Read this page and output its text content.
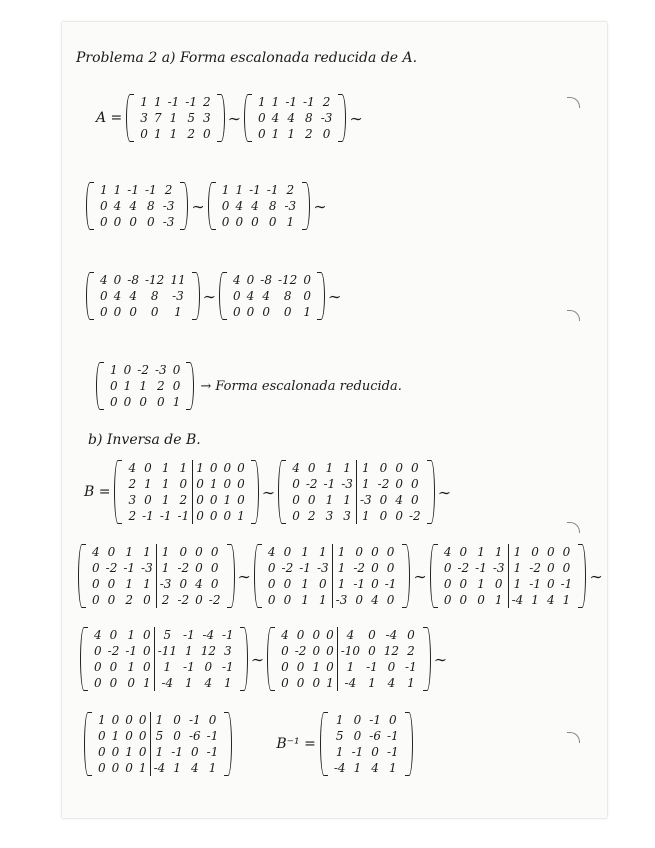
Problema 2 a) Forma escalonada reducida de A.
A =
1	1	-1	-1	2
3	7	1	5	3
0	1	1	2	0
∼
1	1	-1	-1	2
0	4	4	8	-3
0	1	1	2	0
∼
1	1	-1	-1	2
0	4	4	8	-3
0	0	0	0	-3
∼
1	1	-1	-1	2
0	4	4	8	-3
0	0	0	0	1
∼
4	0	-8	-12	11
0	4	4	8	-3
0	0	0	0	1
∼
4	0	-8	-12	0
0	4	4	8	0
0	0	0	0	1
∼
1	0	-2	-3	0
0	1	1	2	0
0	0	0	0	1
→ Forma escalonada reducida.
b) Inversa de B.
B =
4	0	1	1	1	0	0	0
2	1	1	0	0	1	0	0
3	0	1	2	0	0	1	0
2	-1	-1	-1	0	0	0	1
∼
4	0	1	1	1	0	0	0
0	-2	-1	-3	1	-2	0	0
0	0	1	1	-3	0	4	0
0	2	3	3	1	0	0	-2
∼
4	0	1	1	1	0	0	0
0	-2	-1	-3	1	-2	0	0
0	0	1	1	-3	0	4	0
0	0	2	0	2	-2	0	-2
∼
4	0	1	1	1	0	0	0
0	-2	-1	-3	1	-2	0	0
0	0	1	0	1	-1	0	-1
0	0	1	1	-3	0	4	0
∼
4	0	1	1	1	0	0	0
0	-2	-1	-3	1	-2	0	0
0	0	1	0	1	-1	0	-1
0	0	0	1	-4	1	4	1
∼
4	0	1	0	5	-1	-4	-1
0	-2	-1	0	-11	1	12	3
0	0	1	0	1	-1	0	-1
0	0	0	1	-4	1	4	1
∼
4	0	0	0	4	0	-4	0
0	-2	0	0	-10	0	12	2
0	0	1	0	1	-1	0	-1
0	0	0	1	-4	1	4	1
∼
1	0	0	0	1	0	-1	0
0	1	0	0	5	0	-6	-1
0	0	1	0	1	-1	0	-1
0	0	0	1	-4	1	4	1
B⁻¹ =
1	0	-1	0
5	0	-6	-1
1	-1	0	-1
-4	1	4	1
